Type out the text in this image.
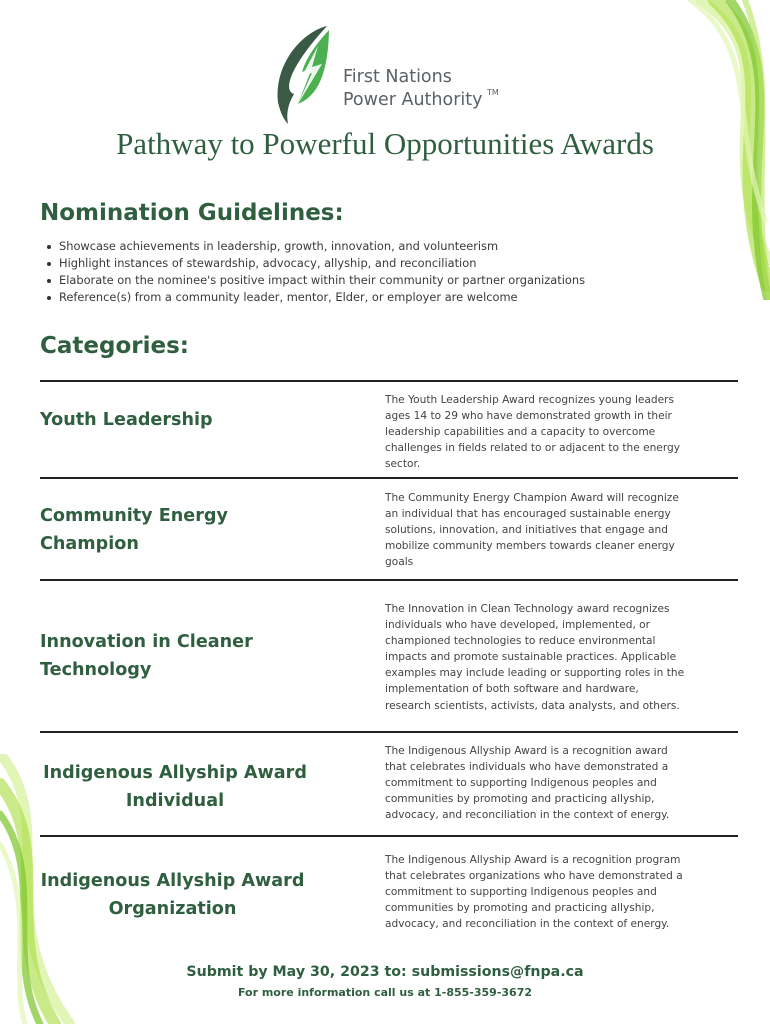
First Nations
Power Authority TM
Pathway to Powerful Opportunities Awards
Nomination Guidelines:
Showcase achievements in leadership, growth, innovation, and volunteerism
Highlight instances of stewardship, advocacy, allyship, and reconciliation
Elaborate on the nominee's positive impact within their community or partner organizations
Reference(s) from a community leader, mentor, Elder, or employer are welcome
Categories:
Youth Leadership
The Youth Leadership Award recognizes young leaders
ages 14 to 29 who have demonstrated growth in their
leadership capabilities and a capacity to overcome
challenges in fields related to or adjacent to the energy
sector.
Community Energy
Champion
The Community Energy Champion Award will recognize
an individual that has encouraged sustainable energy
solutions, innovation, and initiatives that engage and
mobilize community members towards cleaner energy
goals
Innovation in Cleaner
Technology
The Innovation in Clean Technology award recognizes
individuals who have developed, implemented, or
championed technologies to reduce environmental
impacts and promote sustainable practices. Applicable
examples may include leading or supporting roles in the
implementation of both software and hardware,
research scientists, activists, data analysts, and others.
Indigenous Allyship Award
Individual
The Indigenous Allyship Award is a recognition award
that celebrates individuals who have demonstrated a
commitment to supporting Indigenous peoples and
communities by promoting and practicing allyship,
advocacy, and reconciliation in the context of energy.
Indigenous Allyship Award
Organization
The Indigenous Allyship Award is a recognition program
that celebrates organizations who have demonstrated a
commitment to supporting Indigenous peoples and
communities by promoting and practicing allyship,
advocacy, and reconciliation in the context of energy.
Submit by May 30, 2023 to: submissions@fnpa.ca
For more information call us at 1-855-359-3672
